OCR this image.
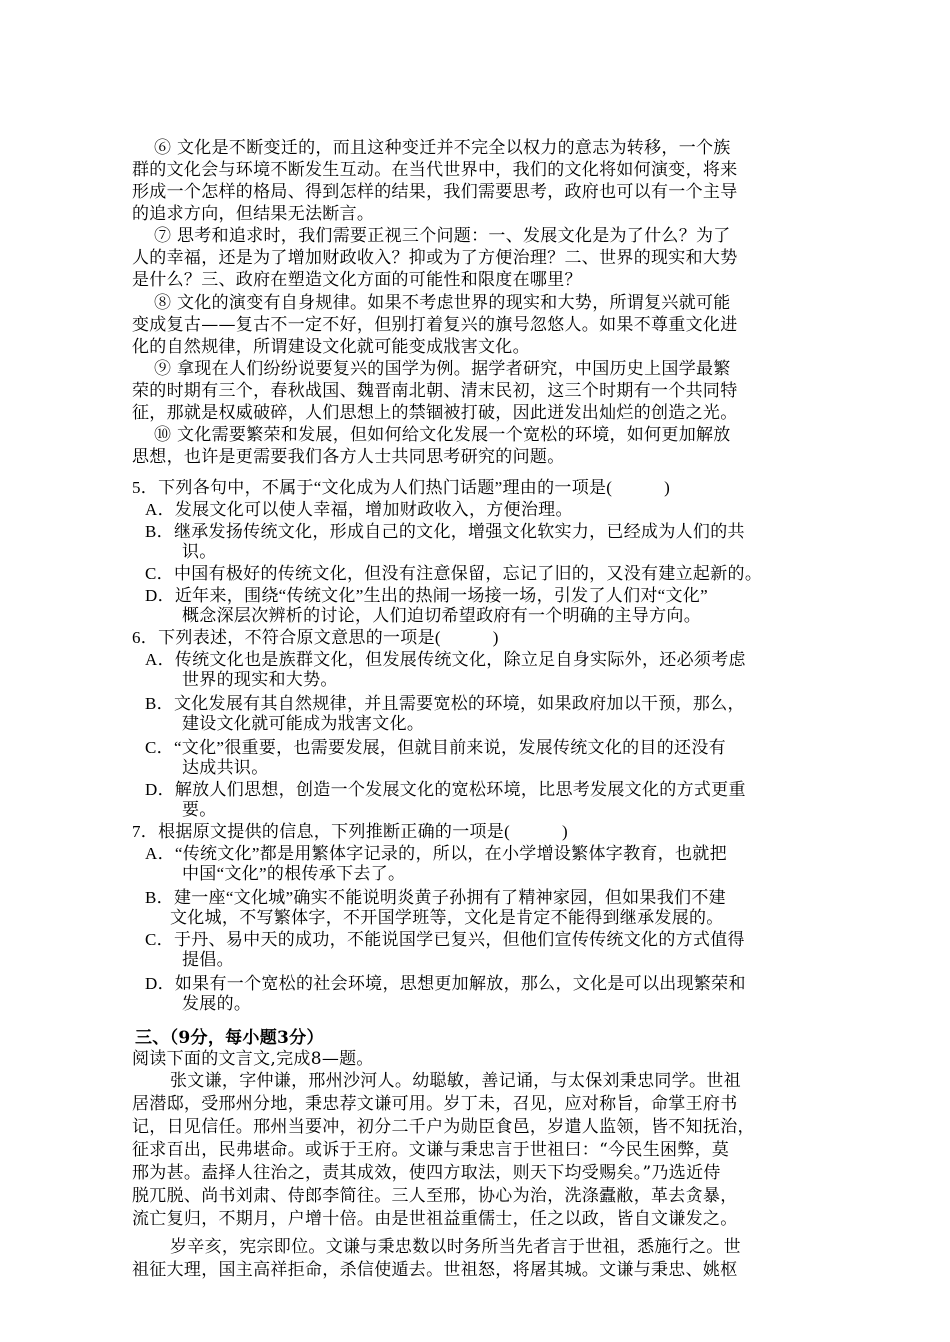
⑥ 文化是不断变迁的，而且这种变迁并不完全以权力的意志为转移，一个族
群的文化会与环境不断发生互动。在当代世界中，我们的文化将如何演变，将来
形成一个怎样的格局、得到怎样的结果，我们需要思考，政府也可以有一个主导
的追求方向，但结果无法断言。
⑦ 思考和追求时，我们需要正视三个问题：一、发展文化是为了什么？为了
人的幸福，还是为了增加财政收入？抑或为了方便治理？二、世界的现实和大势
是什么？三、政府在塑造文化方面的可能性和限度在哪里？
⑧ 文化的演变有自身规律。如果不考虑世界的现实和大势，所谓复兴就可能
变成复古——复古不一定不好，但别打着复兴的旗号忽悠人。如果不尊重文化进
化的自然规律，所谓建设文化就可能变成戕害文化。
⑨ 拿现在人们纷纷说要复兴的国学为例。据学者研究，中国历史上国学最繁
荣的时期有三个，春秋战国、魏晋南北朝、清末民初，这三个时期有一个共同特
征，那就是权威破碎，人们思想上的禁锢被打破，因此迸发出灿烂的创造之光。
⑩ 文化需要繁荣和发展，但如何给文化发展一个宽松的环境，如何更加解放
思想，也许是更需要我们各方人士共同思考研究的问题。
5．下列各句中，不属于“文化成为人们热门话题”理由的一项是(　　　)
A．发展文化可以使人幸福，增加财政收入，方便治理。
B．继承发扬传统文化，形成自己的文化，增强文化软实力，已经成为人们的共
识。
C．中国有极好的传统文化，但没有注意保留，忘记了旧的，又没有建立起新的。
D．近年来，围绕“传统文化”生出的热闹一场接一场，引发了人们对“文化”
概念深层次辨析的讨论，人们迫切希望政府有一个明确的主导方向。
6．下列表述，不符合原文意思的一项是(　　　)
A．传统文化也是族群文化，但发展传统文化，除立足自身实际外，还必须考虑
世界的现实和大势。
B．文化发展有其自然规律，并且需要宽松的环境，如果政府加以干预，那么，
建设文化就可能成为戕害文化。
C．“文化”很重要，也需要发展，但就目前来说，发展传统文化的目的还没有
达成共识。
D．解放人们思想，创造一个发展文化的宽松环境，比思考发展文化的方式更重
要。
7．根据原文提供的信息，下列推断正确的一项是(　　　)
A．“传统文化”都是用繁体字记录的，所以，在小学增设繁体字教育，也就把
中国“文化”的根传承下去了。
B．建一座“文化城”确实不能说明炎黄子孙拥有了精神家园，但如果我们不建
文化城，不写繁体字，不开国学班等，文化是肯定不能得到继承发展的。
C．于丹、易中天的成功，不能说国学已复兴，但他们宣传传统文化的方式值得
提倡。
D．如果有一个宽松的社会环境，思想更加解放，那么，文化是可以出现繁荣和
发展的。
三、（9分，每小题3分）
阅读下面的文言文,完成8—题。
张文谦，字仲谦，邢州沙河人。幼聪敏，善记诵，与太保刘秉忠同学。世祖
居潜邸，受邢州分地，秉忠荐文谦可用。岁丁未，召见，应对称旨，命掌王府书
记，日见信任。邢州当要冲，初分二千户为勋臣食邑，岁遣人监领，皆不知抚治，
征求百出，民弗堪命。或诉于王府。文谦与秉忠言于世祖曰：“今民生困弊，莫
邢为甚。盍择人往治之，责其成效，使四方取法，则天下均受赐矣。”乃选近侍
脱兀脱、尚书刘肃、侍郎李简往。三人至邢，协心为治，洗涤蠹敝，革去贪暴，
流亡复归，不期月，户增十倍。由是世祖益重儒士，任之以政，皆自文谦发之。
岁辛亥，宪宗即位。文谦与秉忠数以时务所当先者言于世祖，悉施行之。世
祖征大理，国主高祥拒命，杀信使遁去。世祖怒，将屠其城。文谦与秉忠、姚枢
